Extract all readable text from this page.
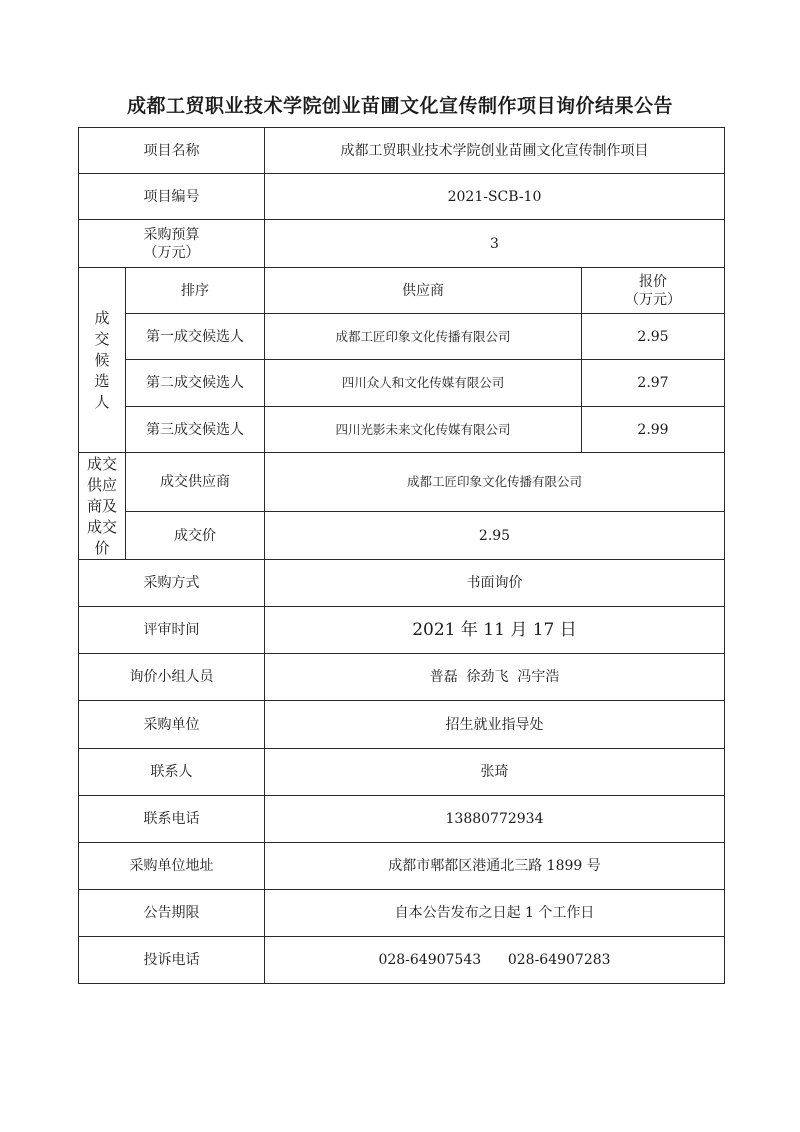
成都工贸职业技术学院创业苗圃文化宣传制作项目询价结果公告
项目名称		成都工贸职业技术学院创业苗圃文化宣传制作项目	
项目编号		2021-SCB-10	

采购预算
（万元）		3	
成交候选人	排序	供应商	报价
（万元）

	第一成交候选人	成都工匠印象文化传播有限公司	2.95
	第二成交候选人	四川众人和文化传媒有限公司	2.97
	第三成交候选人	四川光影未来文化传媒有限公司	2.99
成交供应商及成交价	成交供应商	成都工匠印象文化传播有限公司	
	成交价	2.95	
采购方式		书面询价	
评审时间		2021 年 11 月 17 日	
询价小组人员		普磊  徐劲飞  冯宇浩	
采购单位		招生就业指导处	
联系人		张琦	
联系电话		13880772934	
采购单位地址		成都市郫都区港通北三路 1899 号	
公告期限		自本公告发布之日起 1 个工作日	
投诉电话		028-64907543      028-64907283	
